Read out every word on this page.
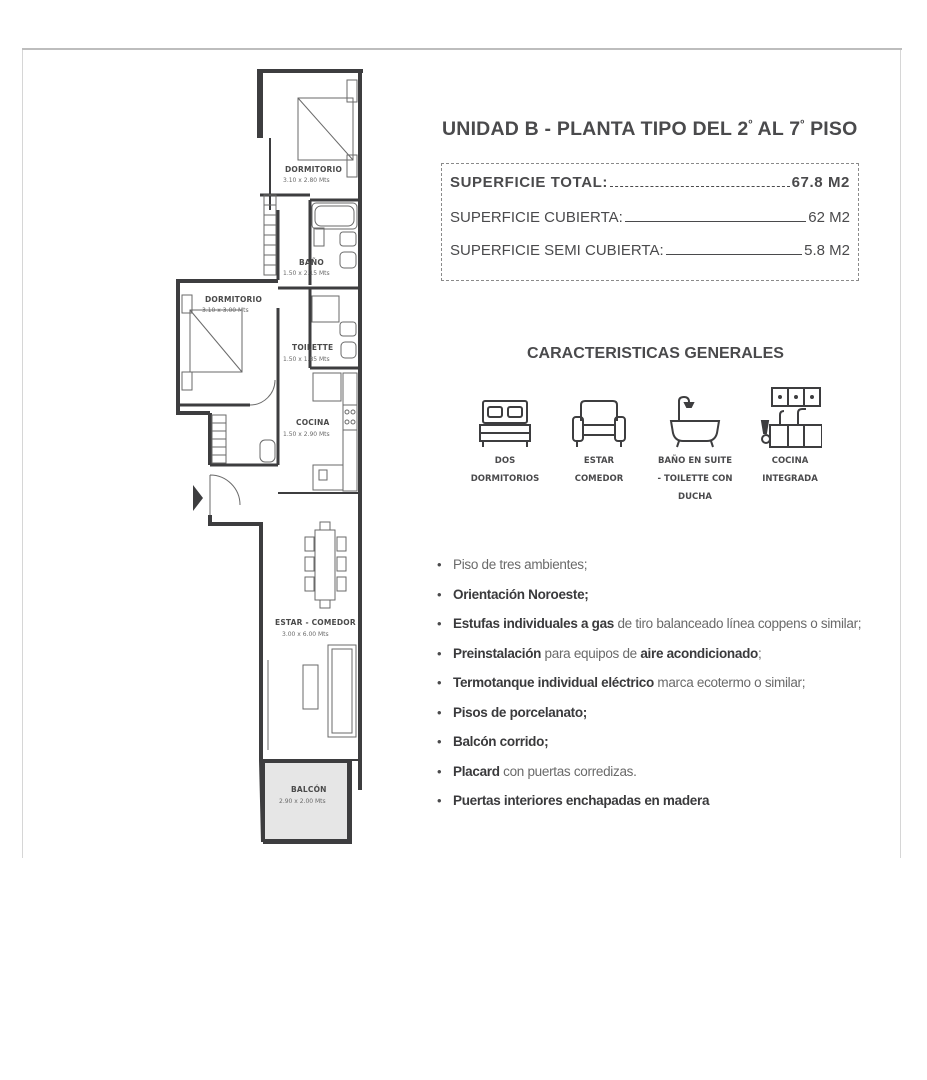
DORMITORIO
3.10 x 2.80 Mts
BAÑO
1.50 x 2.15 Mts
DORMITORIO
3.10 x 3.00 Mts
TOILETTE
1.50 x 1.85 Mts
COCINA
1.50 x 2.90 Mts
ESTAR - COMEDOR
3.00 x 6.00 Mts
BALCÓN
2.90 x 2.00 Mts
UNIDAD B - PLANTA TIPO DEL $2^º$ AL $7^º$ PISO
SUPERFICIE TOTAL:	67.8 M2
SUPERFICIE CUBIERTA:	62 M2
SUPERFICIE SEMI CUBIERTA:	5.8 M2
CARACTERISTICAS GENERALES
DOS
DORMITORIOS
ESTAR
COMEDOR
BAÑO EN SUITE
- TOILETTE CON
DUCHA
COCINA
INTEGRADA
• Piso de tres ambientes;
• Orientación Noroeste;
• Estufas individuales a gas de tiro balanceado línea coppens o similar;
• Preinstalación para equipos de aire acondicionado;
• Termotanque individual eléctrico marca ecotermo o similar;
• Pisos de porcelanato;
• Balcón corrido;
• Placard con puertas corredizas.
• Puertas interiores enchapadas en madera
